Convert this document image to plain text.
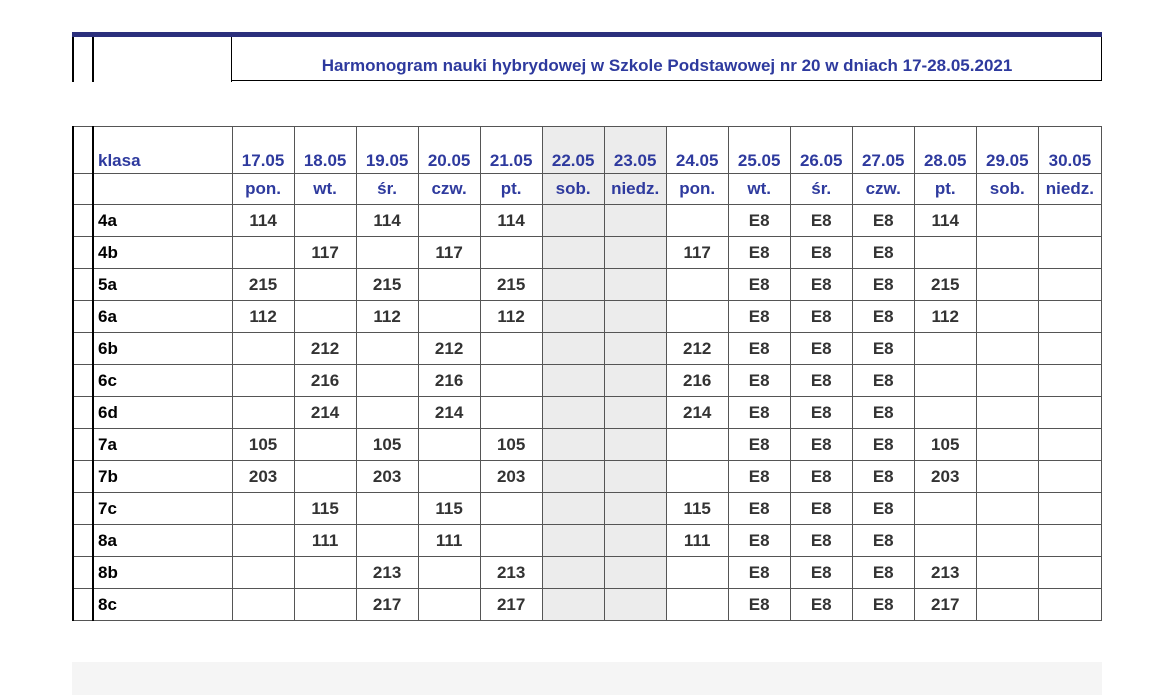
Harmonogram nauki hybrydowej w Szkole Podstawowej nr 20 w dniach 17-28.05.2021
	klasa	17.05	18.05	19.05	20.05	21.05	22.05	23.05	24.05	25.05	26.05	27.05	28.05	29.05	30.05
		pon.	wt.	śr.	czw.	pt.	sob.	niedz.	pon.	wt.	śr.	czw.	pt.	sob.	niedz.
	4a	114		114		114				E8	E8	E8	114		
	4b		117		117				117	E8	E8	E8			
	5a	215		215		215				E8	E8	E8	215		
	6a	112		112		112				E8	E8	E8	112		
	6b		212		212				212	E8	E8	E8			
	6c		216		216				216	E8	E8	E8			
	6d		214		214				214	E8	E8	E8			
	7a	105		105		105				E8	E8	E8	105		
	7b	203		203		203				E8	E8	E8	203		
	7c		115		115				115	E8	E8	E8			
	8a		111		111				111	E8	E8	E8			
	8b			213		213				E8	E8	E8	213		
	8c			217		217				E8	E8	E8	217		
